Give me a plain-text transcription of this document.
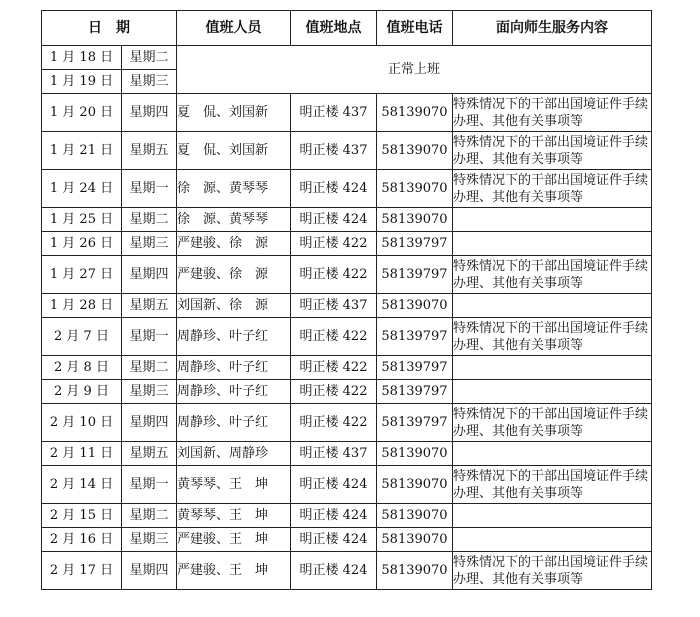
日　期		值班人员	值班地点	值班电话	面向师生服务内容
1 月 18 日	星期二	正常上班			
1 月 19 日	星期三				
1 月 20 日	星期四	夏　侃、刘国新	明正楼 437	58139070	特殊情况下的干部出国境证件手续办理、其他有关事项等
1 月 21 日	星期五	夏　侃、刘国新	明正楼 437	58139070	特殊情况下的干部出国境证件手续办理、其他有关事项等
1 月 24 日	星期一	徐　源、黄琴琴	明正楼 424	58139070	特殊情况下的干部出国境证件手续办理、其他有关事项等
1 月 25 日	星期二	徐　源、黄琴琴	明正楼 424	58139070	
1 月 26 日	星期三	严建骏、徐　源	明正楼 422	58139797	
1 月 27 日	星期四	严建骏、徐　源	明正楼 422	58139797	特殊情况下的干部出国境证件手续办理、其他有关事项等
1 月 28 日	星期五	刘国新、徐　源	明正楼 437	58139070	
2 月 7 日	星期一	周静珍、叶子红	明正楼 422	58139797	特殊情况下的干部出国境证件手续办理、其他有关事项等
2 月 8 日	星期二	周静珍、叶子红	明正楼 422	58139797	
2 月 9 日	星期三	周静珍、叶子红	明正楼 422	58139797	
2 月 10 日	星期四	周静珍、叶子红	明正楼 422	58139797	特殊情况下的干部出国境证件手续办理、其他有关事项等
2 月 11 日	星期五	刘国新、周静珍	明正楼 437	58139070	
2 月 14 日	星期一	黄琴琴、王　坤	明正楼 424	58139070	特殊情况下的干部出国境证件手续办理、其他有关事项等
2 月 15 日	星期二	黄琴琴、王　坤	明正楼 424	58139070	
2 月 16 日	星期三	严建骏、王　坤	明正楼 424	58139070	
2 月 17 日	星期四	严建骏、王　坤	明正楼 424	58139070	特殊情况下的干部出国境证件手续办理、其他有关事项等
